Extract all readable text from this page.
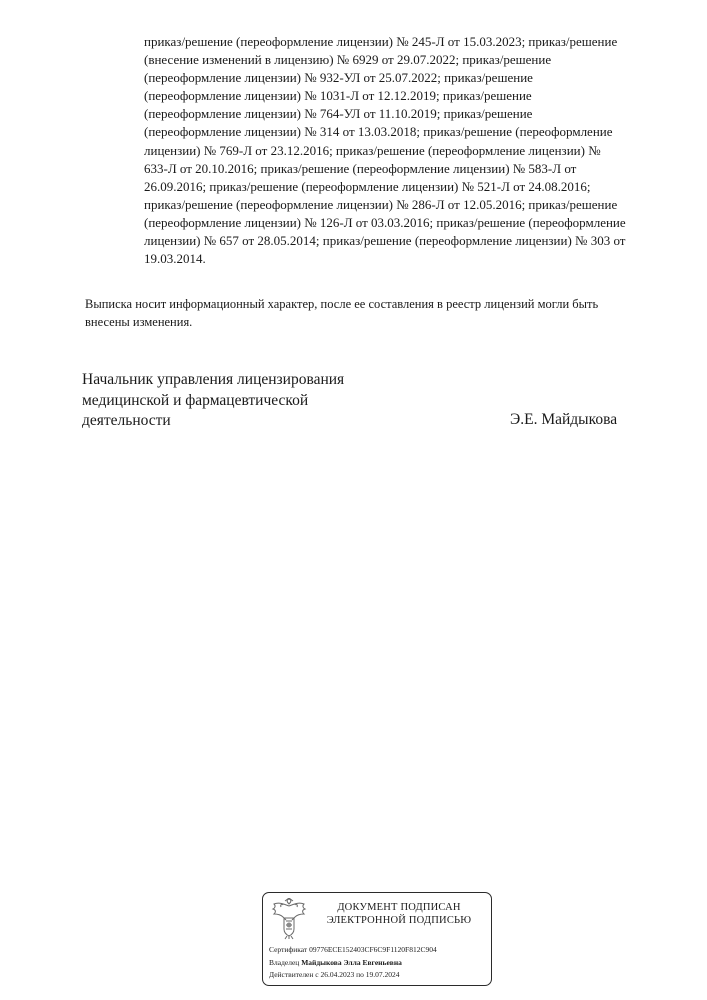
приказ/решение (переоформление лицензии) № 245-Л от 15.03.2023; приказ/решение
(внесение изменений в лицензию) № 6929 от 29.07.2022; приказ/решение
(переоформление лицензии) № 932-УЛ от 25.07.2022; приказ/решение
(переоформление лицензии) № 1031-Л от 12.12.2019; приказ/решение
(переоформление лицензии) № 764-УЛ от 11.10.2019; приказ/решение
(переоформление лицензии) № 314 от 13.03.2018; приказ/решение (переоформление
лицензии) № 769-Л от 23.12.2016; приказ/решение (переоформление лицензии) №
633-Л от 20.10.2016; приказ/решение (переоформление лицензии) № 583-Л от
26.09.2016; приказ/решение (переоформление лицензии) № 521-Л от 24.08.2016;
приказ/решение (переоформление лицензии) № 286-Л от 12.05.2016; приказ/решение
(переоформление лицензии) № 126-Л от 03.03.2016; приказ/решение (переоформление
лицензии) № 657 от 28.05.2014; приказ/решение (переоформление лицензии) № 303 от
19.03.2014.
Выписка носит информационный характер, после ее составления в реестр лицензий могли быть
внесены изменения.
Начальник управления лицензирования
медицинской и фармацевтической
деятельности	Э.Е. Майдыкова
ДОКУМЕНТ ПОДПИСАН
ЭЛЕКТРОННОЙ ПОДПИСЬЮ
Сертификат 09776ECE152403CF6C9F1120F812C904
Владелец Майдыкова Элла Евгеньевна
Действителен с 26.04.2023 по 19.07.2024
